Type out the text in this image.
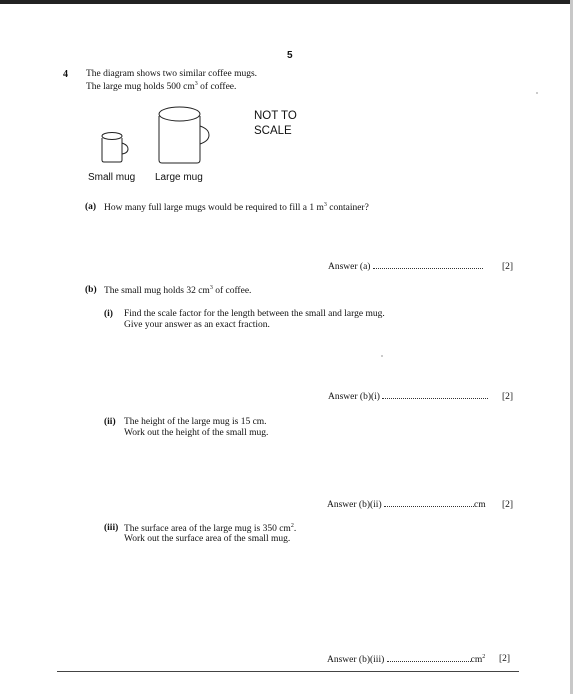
5
4 The diagram shows two similar coffee mugs.
The large mug holds 500 $cm^3$ of coffee.
NOT TO
SCALE
Small mug Large mug
(a) How many full large mugs would be required to fill a 1 $m^3$ container?
Answer (a)	[2]
(b) The small mug holds 32 $cm^3$ of coffee.
(i) Find the scale factor for the length between the small and large mug.
Give your answer as an exact fraction.
Answer (b)(i)	[2]
(ii) The height of the large mug is 15 cm.
Work out the height of the small mug.
Answer (b)(ii)	cm [2]
(iii) The surface area of the large mug is 350 $cm^2$.
Work out the surface area of the small mug.
Answer (b)(iii)	$cm^2$ [2]
